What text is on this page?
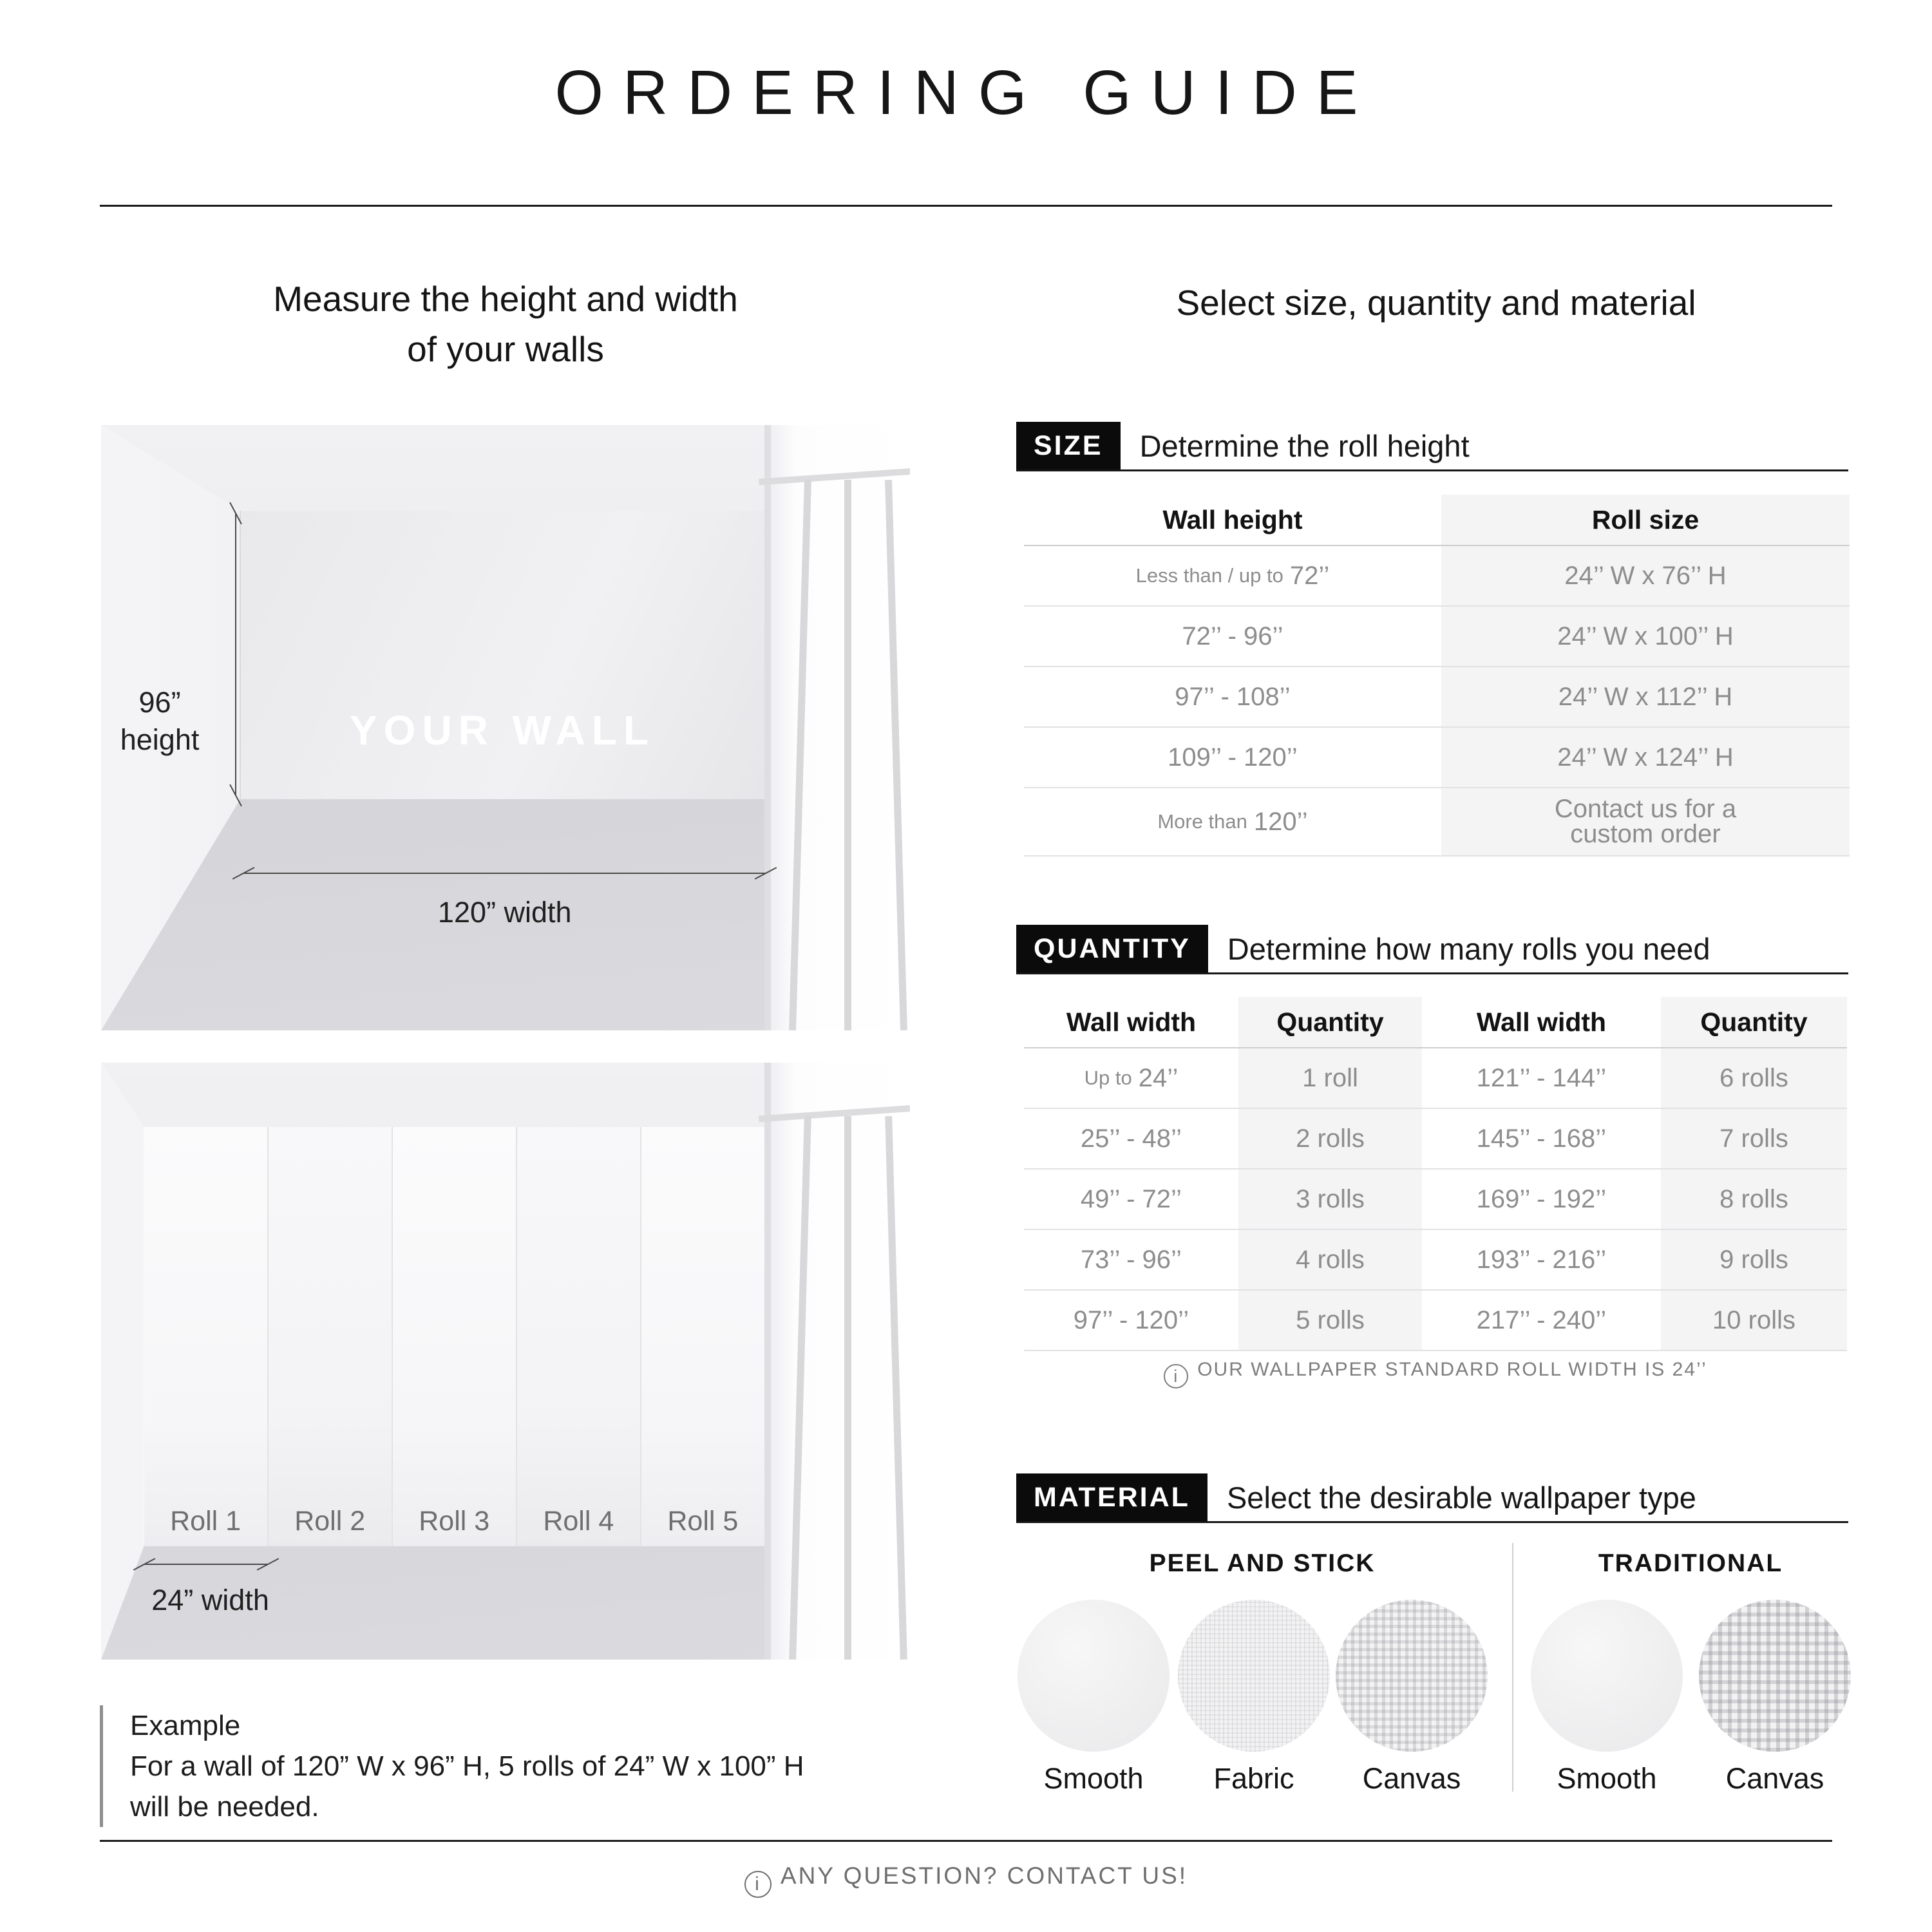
ORDERING GUIDE
Measure the height and width
of your walls
YOUR WALL
96”
height
120” width
Roll 1	Roll 2	Roll 3	Roll 4	Roll 5
24” width
Example
For a wall of 120” W x 96” H, 5 rolls of 24” W x 100” H
will be needed.
Select size, quantity and material
SIZE	Determine the roll height
Wall height	Roll size
Less than / up to 72’’	24’’ W x 76’’ H
72’’ - 96’’	24’’ W x 100’’ H
97’’ - 108’’	24’’ W x 112’’ H
109’’ - 120’’	24’’ W x 124’’ H
More than 120’’	Contact us for a
custom order
QUANTITY	Determine how many rolls you need
Wall width	Quantity	Wall width	Quantity
Up to 24’’	1 roll	121’’ - 144’’	6 rolls
25’’ - 48’’	2 rolls	145’’ - 168’’	7 rolls
49’’ - 72’’	3 rolls	169’’ - 192’’	8 rolls
73’’ - 96’’	4 rolls	193’’ - 216’’	9 rolls
97’’ - 120’’	5 rolls	217’’ - 240’’	10 rolls
i OUR WALLPAPER STANDARD ROLL WIDTH IS 24’’
MATERIAL	Select the desirable wallpaper type
PEEL AND STICK	TRADITIONAL
Smooth	Fabric	Canvas	Smooth	Canvas
i ANY QUESTION? CONTACT US!
